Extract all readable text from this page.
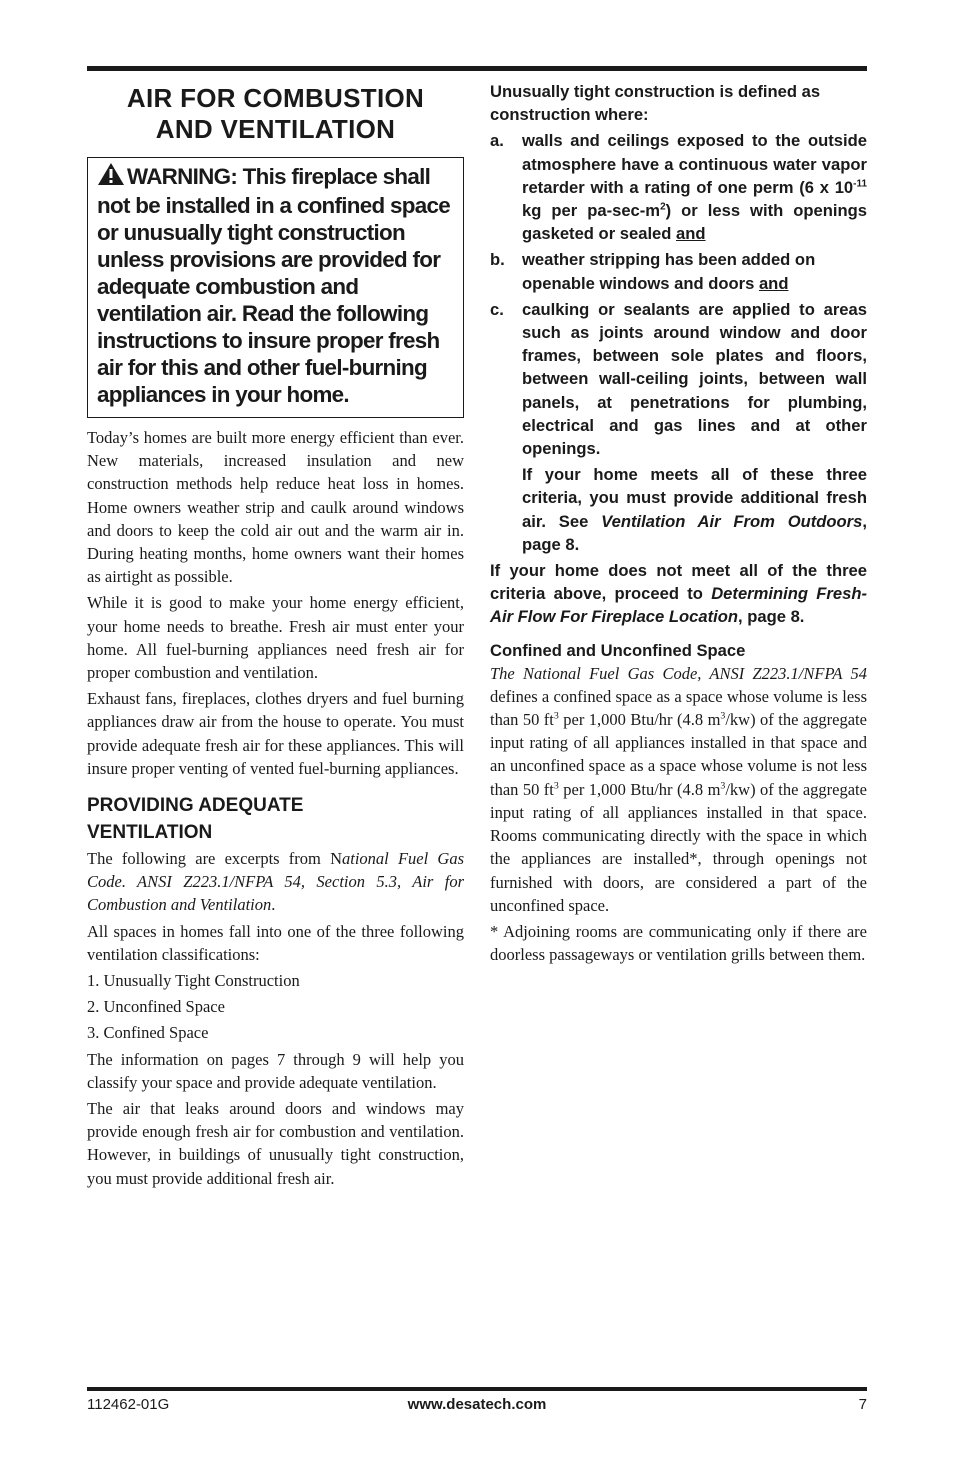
AIR FOR COMBUSTION
AND VENTILATION
WARNING: This fireplace shall not be installed in a confined space or unusually tight construction unless provisions are provided for adequate combustion and ventilation air. Read the following instructions to insure proper fresh air for this and other fuel-burning appliances in your home.

Today’s homes are built more energy efficient than ever. New materials, increased insulation and new construction methods help reduce heat loss in homes. Home owners weather strip and caulk around windows and doors to keep the cold air out and the warm air in. During heating months, home owners want their homes as airtight as possible.

While it is good to make your home energy efficient, your home needs to breathe. Fresh air must enter your home. All fuel-burning appliances need fresh air for proper combustion and ventilation.

Exhaust fans, fireplaces, clothes dryers and fuel burning appliances draw air from the house to operate. You must provide adequate fresh air for these appliances. This will insure proper venting of vented fuel-burning appliances.

PROVIDING ADEQUATE
VENTILATION

The following are excerpts from National Fuel Gas Code. ANSI Z223.1/NFPA 54, Section 5.3, Air for Combustion and Ventilation.

All spaces in homes fall into one of the three following ventilation classifications:

1. Unusually Tight Construction
2. Unconfined Space
3. Confined Space

The information on pages 7 through 9 will help you classify your space and provide adequate ventilation.

The air that leaks around doors and windows may provide enough fresh air for combustion and ventilation. However, in buildings of unusually tight construction, you must provide additional fresh air.

Unusually tight construction is defined as construction where:

a.	walls and ceilings exposed to the outside atmosphere have a continuous water vapor retarder with a rating of one perm (6 x $10^{-11}$ kg per $pa-\sec-m^2$) or less with openings gasketed or sealed and
b.	weather stripping has been added on openable windows and doors and
c.	caulking or sealants are applied to areas such as joints around window and door frames, between sole plates and floors, between wall-ceiling joints, between wall panels, at penetrations for plumbing, electrical and gas lines and at other openings.
If your home meets all of these three criteria, you must provide additional fresh air. See Ventilation Air From Outdoors, page 8.

If your home does not meet all of the three criteria above, proceed to Determining Fresh-Air Flow For Fireplace Location, page 8.

Confined and Unconfined Space

The National Fuel Gas Code, ANSI Z223.1/NFPA 54 defines a confined space as a space whose volume is less than 50 $ft^3$ per 1,000 Btu/hr (4.8 $m^3/kw$) of the aggregate input rating of all appliances installed in that space and an unconfined space as a space whose volume is not less than 50 $ft^3$ per 1,000 Btu/hr (4.8 $m^3/kw$) of the aggregate input rating of all appliances installed in that space. Rooms communicating directly with the space in which the appliances are installed*, through openings not furnished with doors, are considered a part of the unconfined space.

* Adjoining rooms are communicating only if there are doorless passageways or ventilation grills between them.

112462-01G	www.desatech.com	7
